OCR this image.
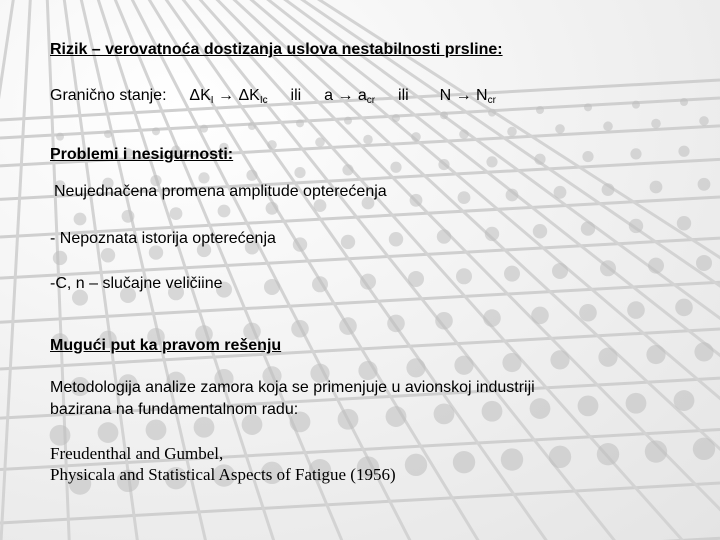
Rizik – verovatnoća dostizanja uslova nestabilnosti prsline:
Granično stanje: $\Delta K_I \to \Delta K_{Ic}$ ili $a \to a_{cr}$ ili $N \to N_{cr}$
Problemi i nesigurnosti:
Neujednačena promena amplitude opterećenja
- Nepoznata istorija opterećenja
-C, n – slučajne veličiine
Mugući put ka pravom rešenju
Metodologija analize zamora koja se primenjuje u avionskoj industriji
bazirana na fundamentalnom radu:
Freudenthal and Gumbel,
Physicala and Statistical Aspects of Fatigue (1956)
